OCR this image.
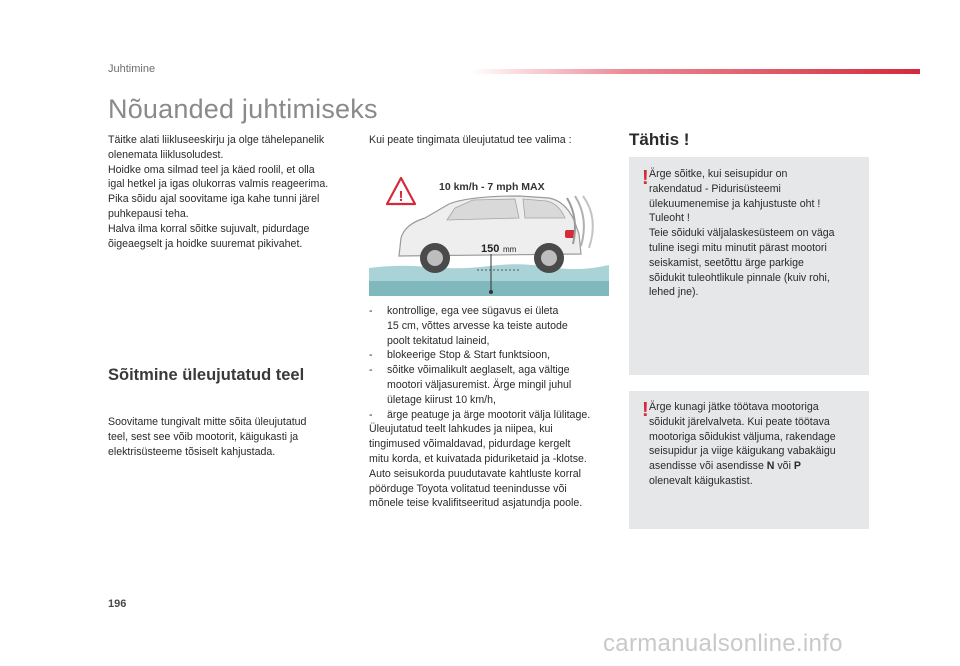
Juhtimine
Nõuanded juhtimiseks
Täitke alati liikluseeskirju ja olge tähelepanelik
olenemata liiklusoludest.
Hoidke oma silmad teel ja käed roolil, et olla
igal hetkel ja igas olukorras valmis reageerima.
Pika sõidu ajal soovitame iga kahe tunni järel
puhkepausi teha.
Halva ilma korral sõitke sujuvalt, pidurdage
õigeaegselt ja hoidke suuremat pikivahet.
Sõitmine üleujutatud teel
Soovitame tungivalt mitte sõita üleujutatud
teel, sest see võib mootorit, käigukasti ja
elektrisüsteeme tõsiselt kahjustada.
Kui peate tingimata üleujutatud tee valima :
150 mm
10 km/h - 7 mph MAX
!
-	kontrollige, ega vee sügavus ei ületa
15 cm, võttes arvesse ka teiste autode
poolt tekitatud laineid,
-	blokeerige Stop & Start funktsioon,
-	sõitke võimalikult aeglaselt, aga vältige
mootori väljasuremist. Ärge mingil juhul
ületage kiirust 10 km/h,
-	ärge peatuge ja ärge mootorit välja lülitage.
Üleujutatud teelt lahkudes ja niipea, kui
tingimused võimaldavad, pidurdage kergelt
mitu korda, et kuivatada piduriketaid ja -klotse.
Auto seisukorda puudutavate kahtluste korral
pöörduge Toyota volitatud teenindusse või
mõnele teise kvalifitseeritud asjatundja poole.
Tähtis !
! Ärge sõitke, kui seisupidur on
rakendatud - Pidurisüsteemi
ülekuumenemise ja kahjustuste oht !
Tuleoht !
Teie sõiduki väljalaskesüsteem on väga
tuline isegi mitu minutit pärast mootori
seiskamist, seetõttu ärge parkige
sõidukit tuleohtlikule pinnale (kuiv rohi,
lehed jne).
! Ärge kunagi jätke töötava mootoriga
sõidukit järelvalveta. Kui peate töötava
mootoriga sõidukist väljuma, rakendage
seisupidur ja viige käigukang vabakäigu
asendisse või asendisse N või P
olenevalt käigukastist.
196
carmanualsonline.info
